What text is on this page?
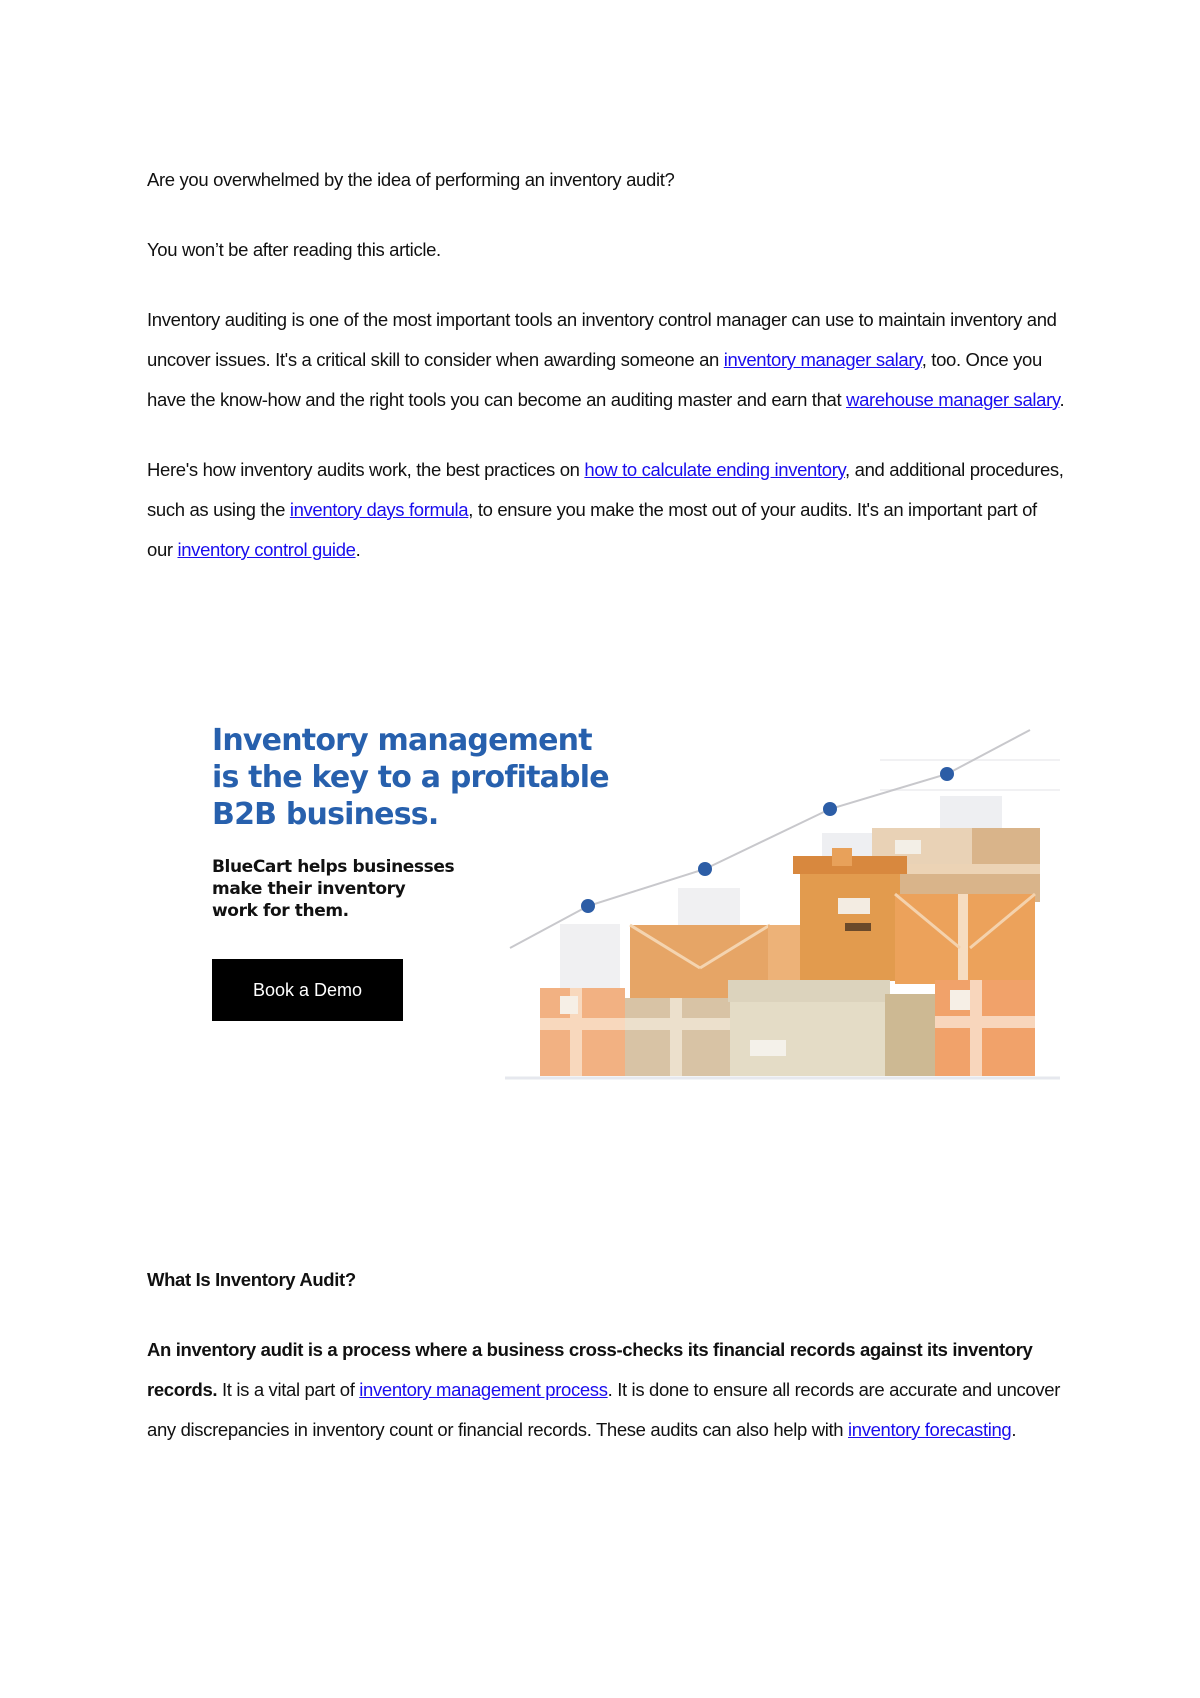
Are you overwhelmed by the idea of performing an inventory audit?

You won’t be after reading this article.

Inventory auditing is one of the most important tools an inventory control manager can use to maintain inventory and uncover issues. It's a critical skill to consider when awarding someone an inventory manager salary, too. Once you have the know-how and the right tools you can become an auditing master and earn that warehouse manager salary.

Here's how inventory audits work, the best practices on how to calculate ending inventory, and additional procedures, such as using the inventory days formula, to ensure you make the most out of your audits. It's an important part of our inventory control guide.

Inventory management
is the key to a profitable
B2B business.
BlueCart helps businesses
make their inventory
work for them.
Book a Demo

What Is Inventory Audit?

An inventory audit is a process where a business cross-checks its financial records against its inventory records. It is a vital part of inventory management process. It is done to ensure all records are accurate and uncover any discrepancies in inventory count or financial records. These audits can also help with inventory forecasting.
